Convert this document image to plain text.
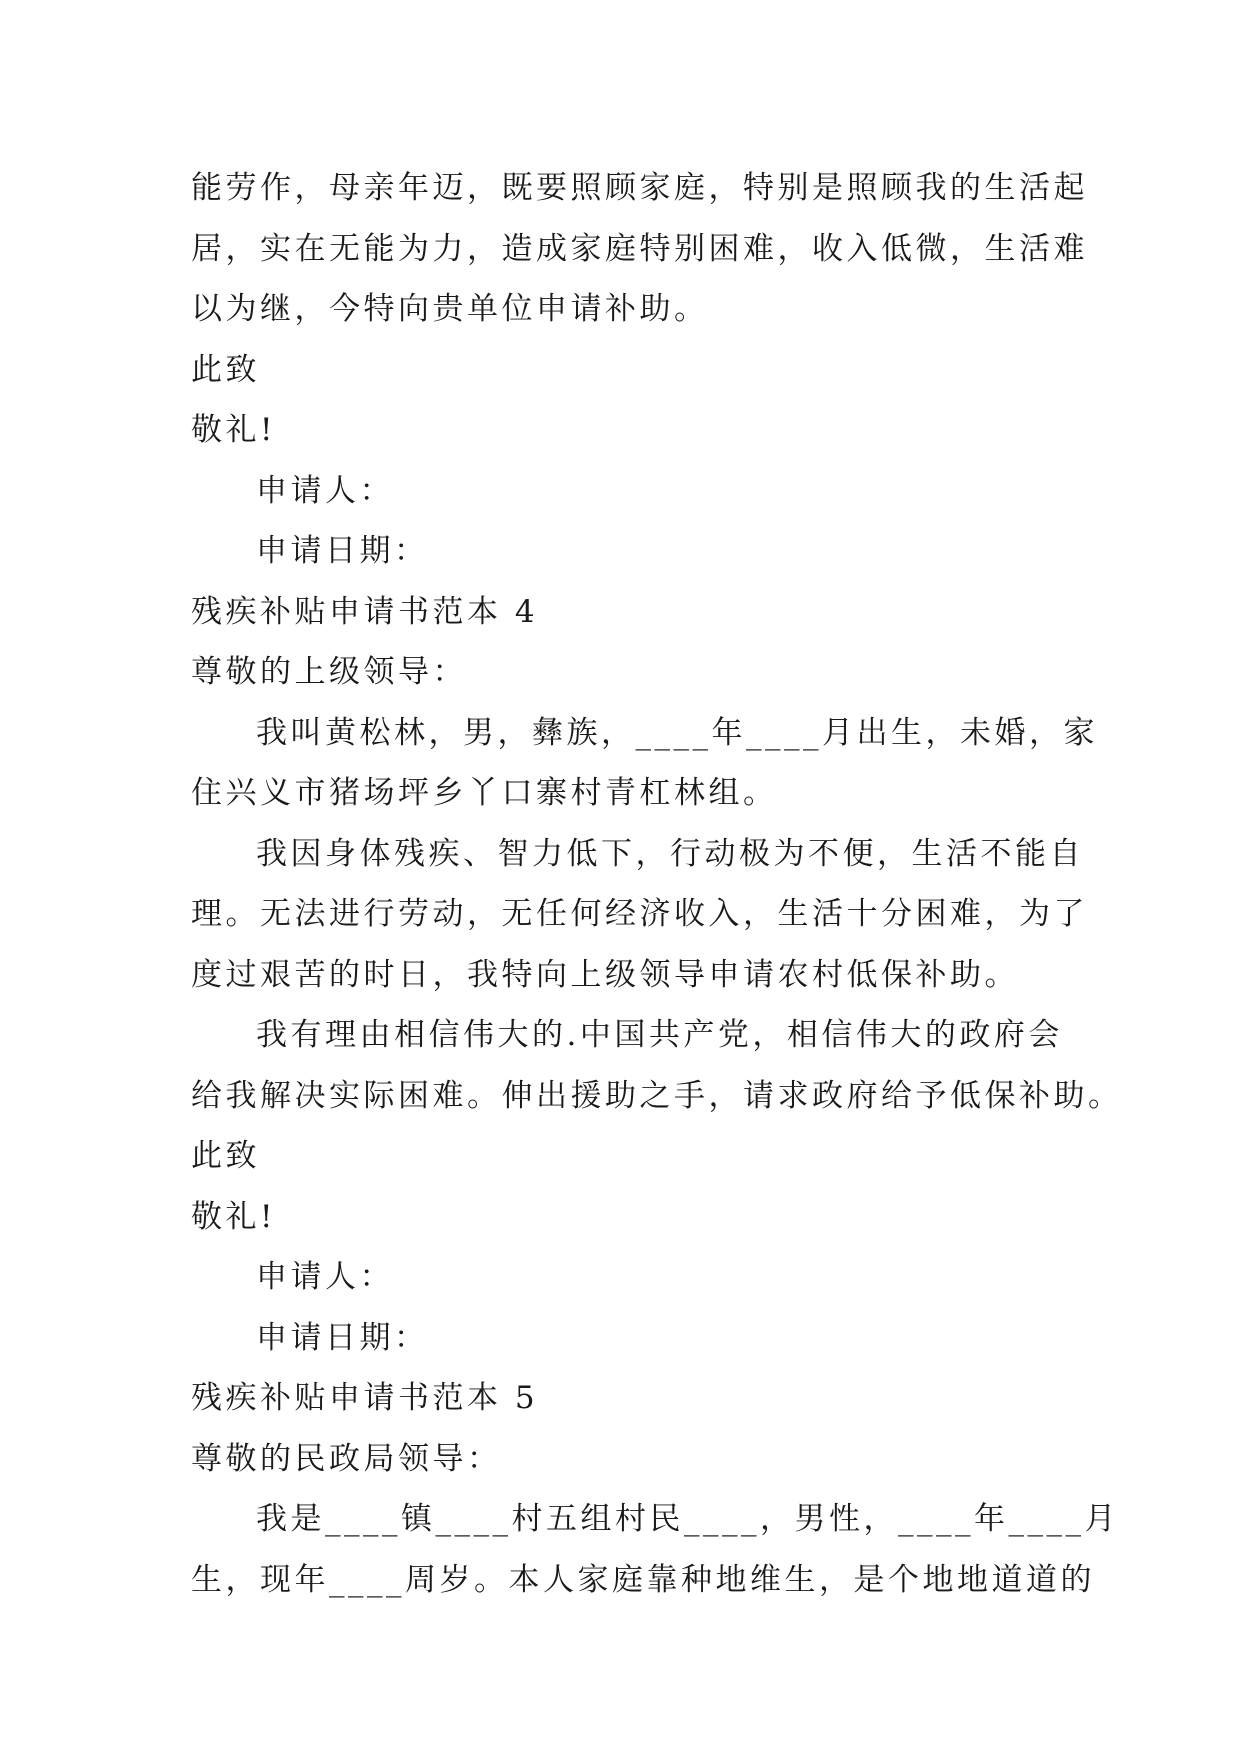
能劳作，母亲年迈，既要照顾家庭，特别是照顾我的生活起
居，实在无能为力，造成家庭特别困难，收入低微，生活难
以为继，今特向贵单位申请补助。
此致
敬礼!
申请人：
申请日期：
残疾补贴申请书范本 4
尊敬的上级领导：
我叫黄松林，男，彝族，____年____月出生，未婚，家
住兴义市猪场坪乡丫口寨村青杠林组。
我因身体残疾、智力低下，行动极为不便，生活不能自
理。无法进行劳动，无任何经济收入，生活十分困难，为了
度过艰苦的时日，我特向上级领导申请农村低保补助。
我有理由相信伟大的.中国共产党，相信伟大的政府会
给我解决实际困难。伸出援助之手，请求政府给予低保补助。
此致
敬礼!
申请人：
申请日期：
残疾补贴申请书范本 5
尊敬的民政局领导：
我是____镇____村五组村民____，男性，____年____月
生，现年____周岁。本人家庭靠种地维生，是个地地道道的
